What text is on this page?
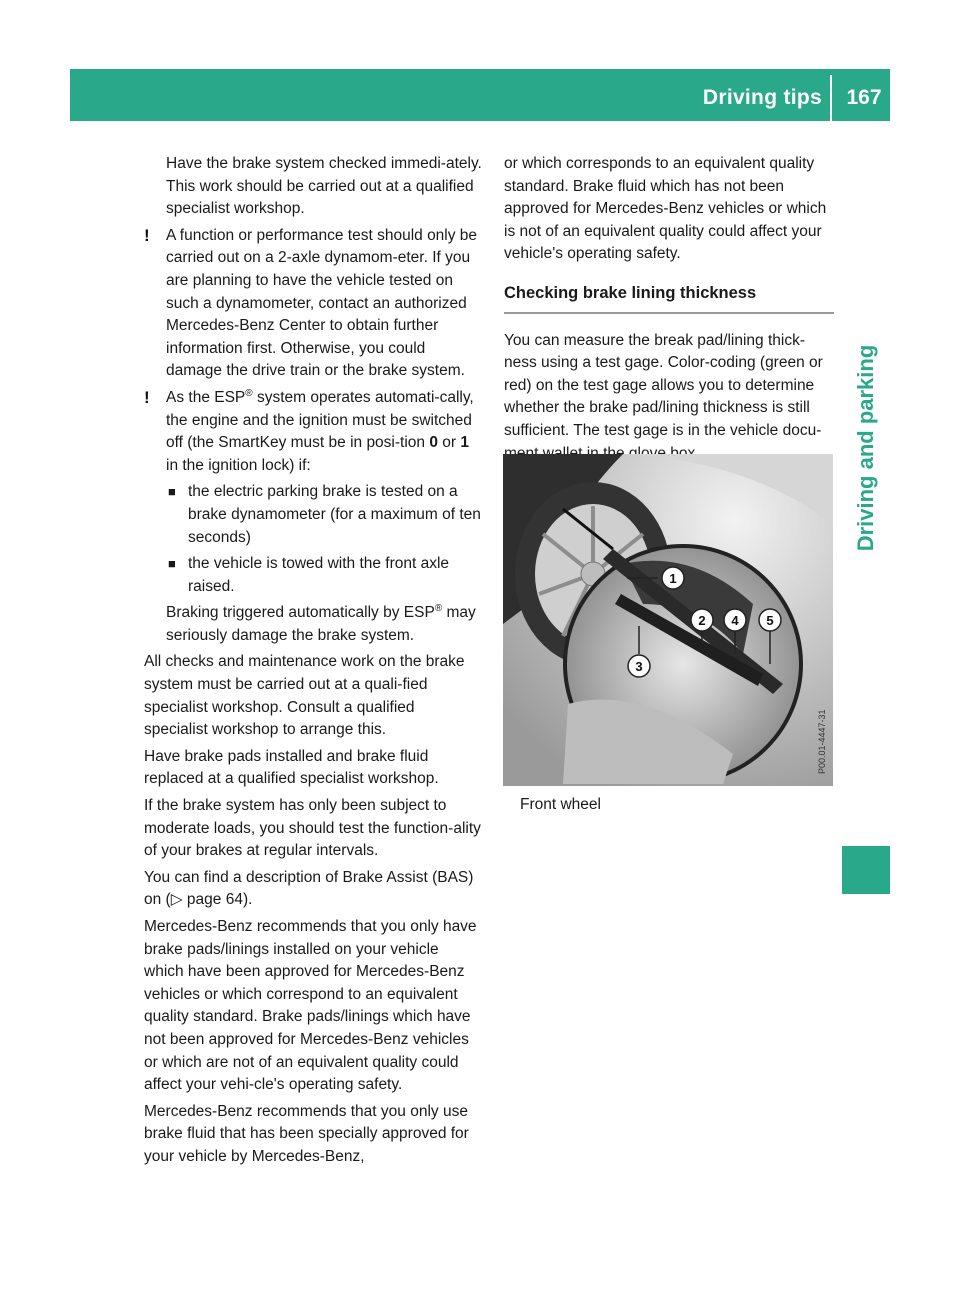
Driving tips	167
Driving and parking

Have the brake system checked immedi-ately. This work should be carried out at a qualified specialist workshop.

! A function or performance test should only be carried out on a 2-axle dynamom-eter. If you are planning to have the vehicle tested on such a dynamometer, contact an authorized Mercedes-Benz Center to obtain further information first. Otherwise, you could damage the drive train or the brake system.

! As the ESP® system operates automati-cally, the engine and the ignition must be switched off (the SmartKey must be in posi-tion 0 or 1 in the ignition lock) if:

■ the electric parking brake is tested on a brake dynamometer (for a maximum of ten seconds)

■ the vehicle is towed with the front axle raised.

Braking triggered automatically by ESP® may seriously damage the brake system.

All checks and maintenance work on the brake system must be carried out at a quali-fied specialist workshop. Consult a qualified specialist workshop to arrange this.

Have brake pads installed and brake fluid replaced at a qualified specialist workshop.

If the brake system has only been subject to moderate loads, you should test the function-ality of your brakes at regular intervals.

You can find a description of Brake Assist (BAS) on (▷ page 64).

Mercedes-Benz recommends that you only have brake pads/linings installed on your vehicle which have been approved for Mercedes-Benz vehicles or which correspond to an equivalent quality standard. Brake pads/linings which have not been approved for Mercedes-Benz vehicles or which are not of an equivalent quality could affect your vehi-cle's operating safety.

Mercedes-Benz recommends that you only use brake fluid that has been specially approved for your vehicle by Mercedes-Benz,

or which corresponds to an equivalent quality standard. Brake fluid which has not been approved for Mercedes-Benz vehicles or which is not of an equivalent quality could affect your vehicle's operating safety.

Checking brake lining thickness

You can measure the break pad/lining thick-ness using a test gage. Color-coding (green or red) on the test gage allows you to determine whether the brake pad/lining thickness is still sufficient. The test gage is in the vehicle docu-

1
2 4 5
3
P00.01-4447-31
Front wheel
